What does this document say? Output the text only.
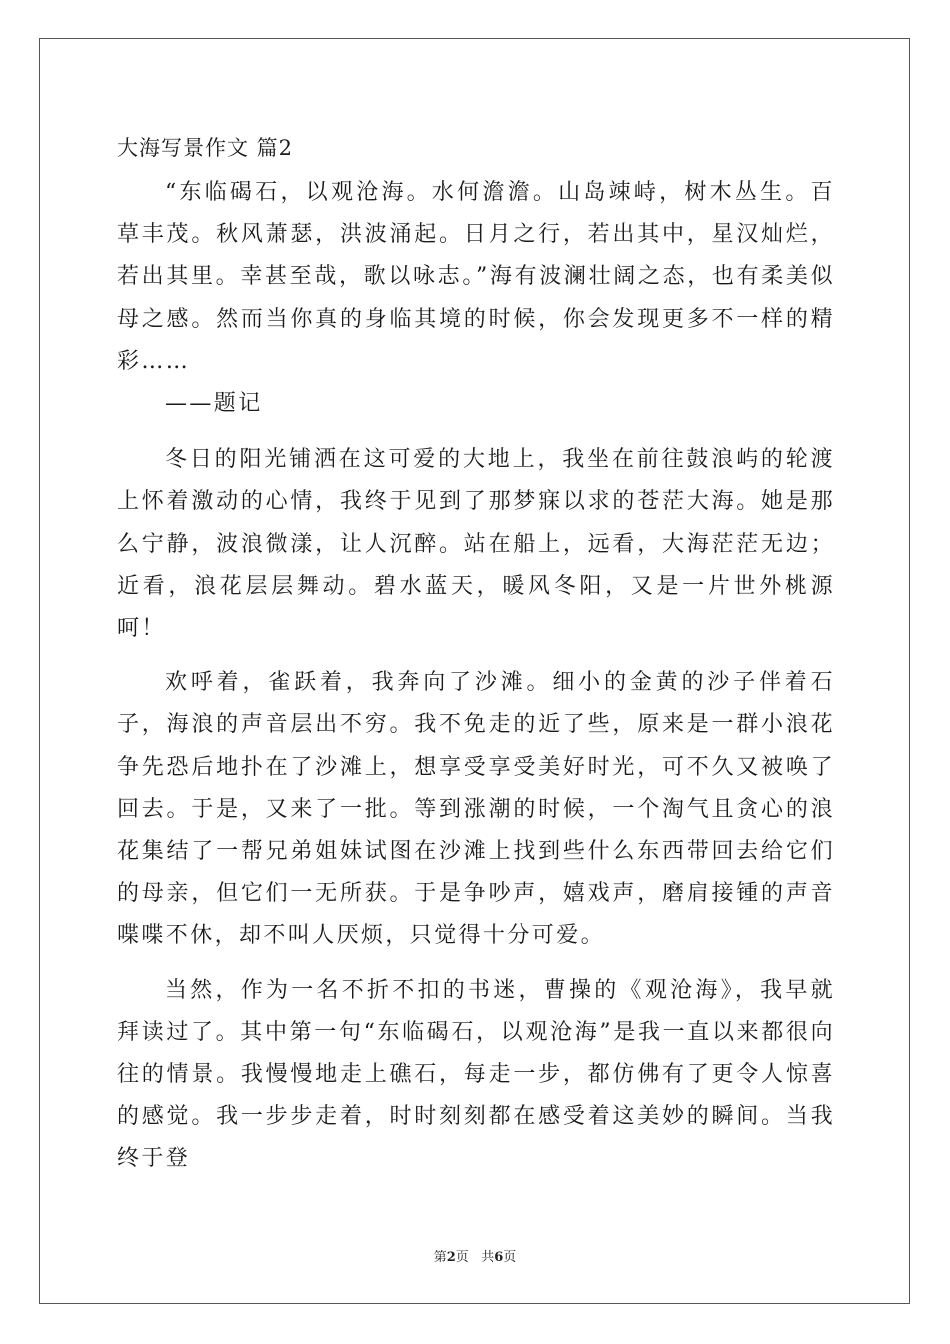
大海写景作文 篇2

“东临碣石，以观沧海。水何澹澹。山岛竦峙，树木丛生。百草丰茂。秋风萧瑟，洪波涌起。日月之行，若出其中，星汉灿烂，若出其里。幸甚至哉，歌以咏志。”海有波澜壮阔之态，也有柔美似母之感。然而当你真的身临其境的时候，你会发现更多不一样的精彩……

——题记

冬日的阳光铺洒在这可爱的大地上，我坐在前往鼓浪屿的轮渡上怀着激动的心情，我终于见到了那梦寐以求的苍茫大海。她是那么宁静，波浪微漾，让人沉醉。站在船上，远看，大海茫茫无边；近看，浪花层层舞动。碧水蓝天，暖风冬阳，又是一片世外桃源呵！

欢呼着，雀跃着，我奔向了沙滩。细小的金黄的沙子伴着石子，海浪的声音层出不穷。我不免走的近了些，原来是一群小浪花争先恐后地扑在了沙滩上，想享受享受美好时光，可不久又被唤了回去。于是，又来了一批。等到涨潮的时候，一个淘气且贪心的浪花集结了一帮兄弟姐妹试图在沙滩上找到些什么东西带回去给它们的母亲，但它们一无所获。于是争吵声，嬉戏声，磨肩接锺的声音喋喋不休，却不叫人厌烦，只觉得十分可爱。

当然，作为一名不折不扣的书迷，曹操的《观沧海》，我早就拜读过了。其中第一句“东临碣石，以观沧海”是我一直以来都很向往的情景。我慢慢地走上礁石，每走一步，都仿佛有了更令人惊喜的感觉。我一步步走着，时时刻刻都在感受着这美妙的瞬间。当我终于登

第2页 共6页
